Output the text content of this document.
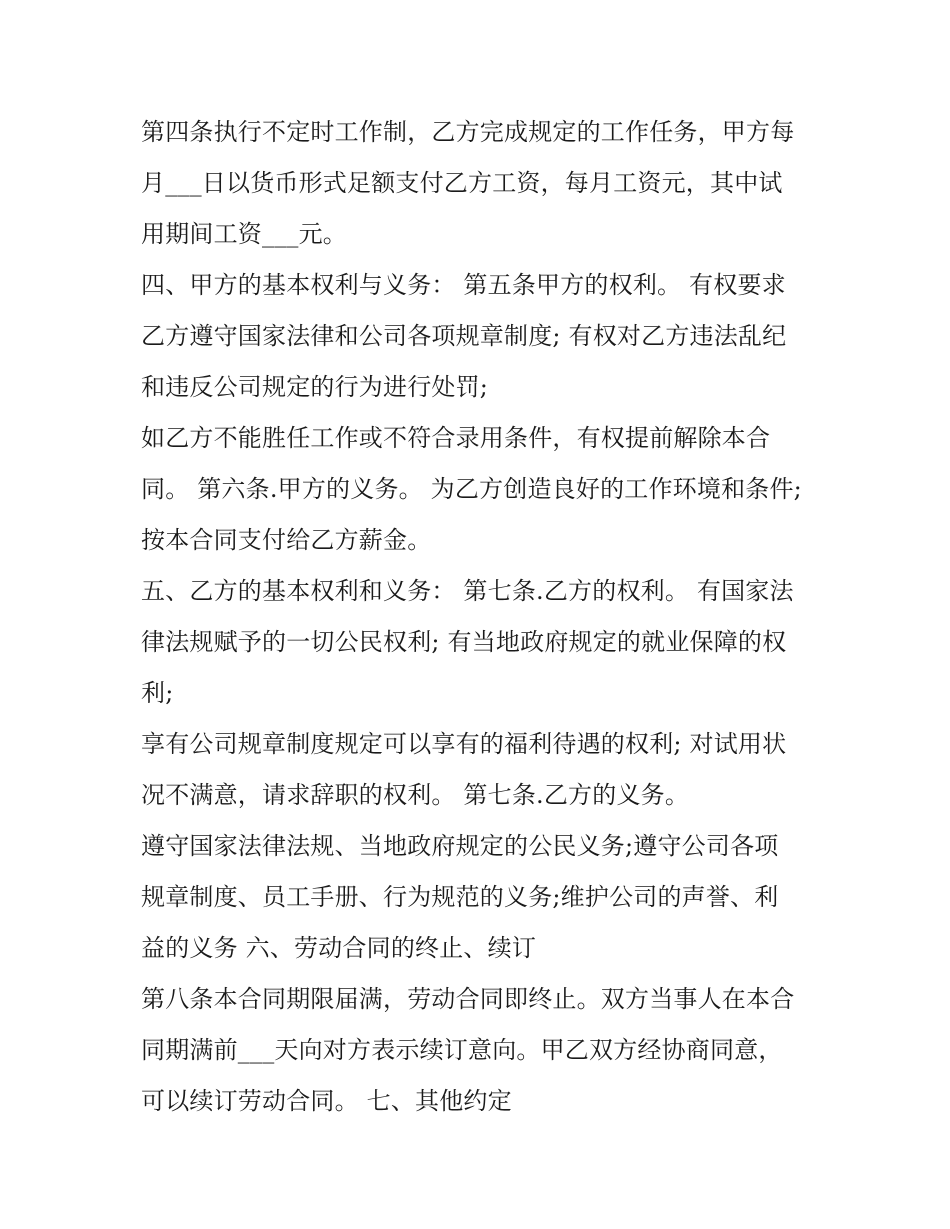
第四条执行不定时工作制，乙方完成规定的工作任务，甲方每
月___日以货币形式足额支付乙方工资，每月工资元，其中试
用期间工资___元。
四、甲方的基本权利与义务： 第五条甲方的权利。 有权要求
乙方遵守国家法律和公司各项规章制度; 有权对乙方违法乱纪
和违反公司规定的行为进行处罚;
如乙方不能胜任工作或不符合录用条件，有权提前解除本合
同。 第六条.甲方的义务。 为乙方创造良好的工作环境和条件;
按本合同支付给乙方薪金。
五、乙方的基本权利和义务： 第七条.乙方的权利。 有国家法
律法规赋予的一切公民权利; 有当地政府规定的就业保障的权
利;
享有公司规章制度规定可以享有的福利待遇的权利; 对试用状
况不满意，请求辞职的权利。 第七条.乙方的义务。
遵守国家法律法规、当地政府规定的公民义务;遵守公司各项
规章制度、员工手册、行为规范的义务;维护公司的声誉、利
益的义务 六、劳动合同的终止、续订
第八条本合同期限届满，劳动合同即终止。双方当事人在本合
同期满前___天向对方表示续订意向。甲乙双方经协商同意，
可以续订劳动合同。 七、其他约定
